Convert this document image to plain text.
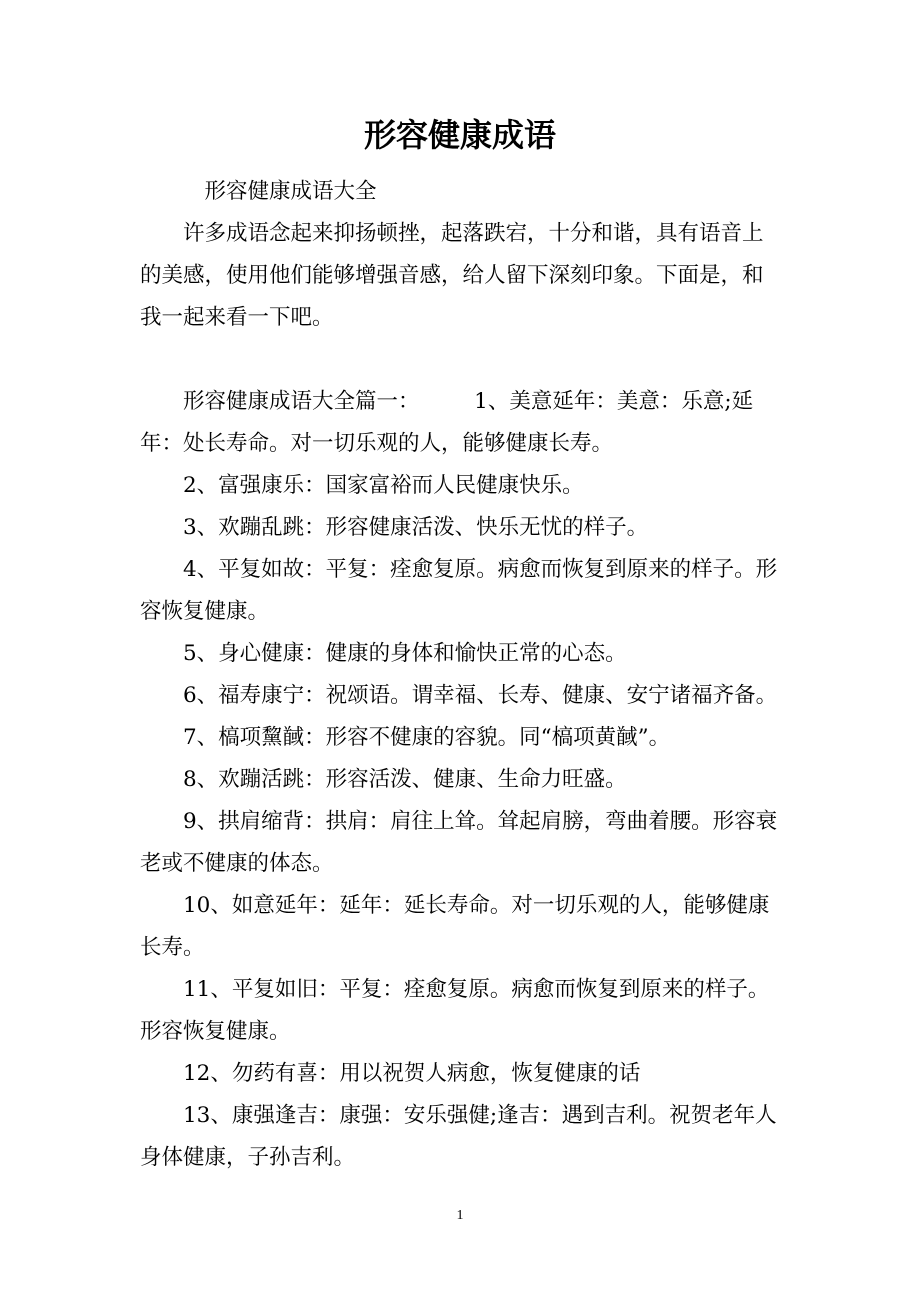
形容健康成语

形容健康成语大全

许多成语念起来抑扬顿挫，起落跌宕，十分和谐，具有语音上的美感，使用他们能够增强音感，给人留下深刻印象。下面是，和我一起来看一下吧。

形容健康成语大全篇一：        1、美意延年：美意：乐意;延年：处长寿命。对一切乐观的人，能够健康长寿。

2、富强康乐：国家富裕而人民健康快乐。

3、欢蹦乱跳：形容健康活泼、快乐无忧的样子。

4、平复如故：平复：痊愈复原。病愈而恢复到原来的样子。形容恢复健康。

5、身心健康：健康的身体和愉快正常的心态。

6、福寿康宁：祝颂语。谓幸福、长寿、健康、安宁诸福齐备。

7、槁项黧馘：形容不健康的容貌。同“槁项黄馘”。

8、欢蹦活跳：形容活泼、健康、生命力旺盛。

9、拱肩缩背：拱肩：肩往上耸。耸起肩膀，弯曲着腰。形容衰老或不健康的体态。

10、如意延年：延年：延长寿命。对一切乐观的人，能够健康长寿。

11、平复如旧：平复：痊愈复原。病愈而恢复到原来的样子。形容恢复健康。

12、勿药有喜：用以祝贺人病愈，恢复健康的话

13、康强逢吉：康强：安乐强健;逢吉：遇到吉利。祝贺老年人身体健康，子孙吉利。

1
